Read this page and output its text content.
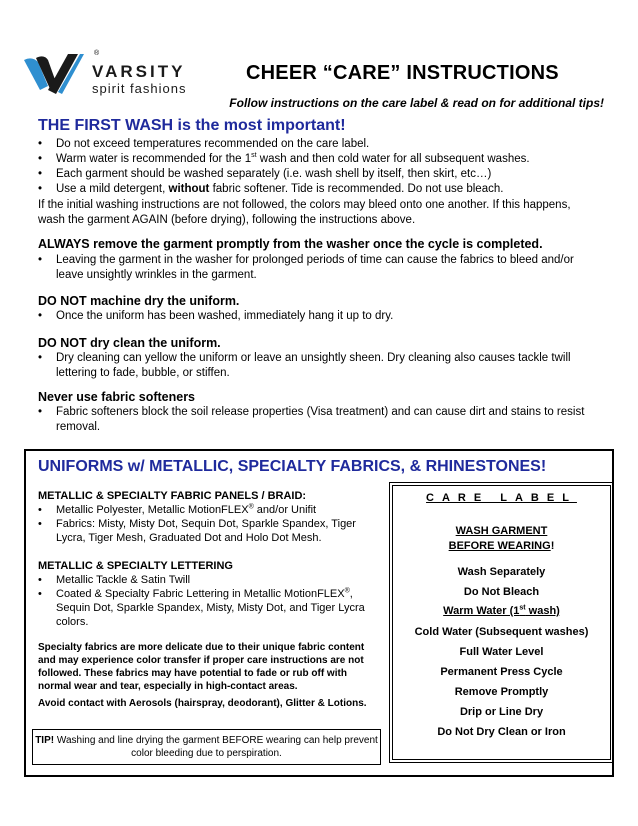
®
VARSITY
spirit fashions
CHEER “CARE” INSTRUCTIONS
Follow instructions on the care label & read on for additional tips!
THE FIRST WASH is the most important!
• Do not exceed temperatures recommended on the care label.
• Warm water is recommended for the 1st wash and then cold water for all subsequent washes.
• Each garment should be washed separately (i.e. wash shell by itself, then skirt, etc…)
• Use a mild detergent, without fabric softener. Tide is recommended. Do not use bleach.
If the initial washing instructions are not followed, the colors may bleed onto one another. If this happens, wash the garment AGAIN (before drying), following the instructions above.
ALWAYS remove the garment promptly from the washer once the cycle is completed.
• Leaving the garment in the washer for prolonged periods of time can cause the fabrics to bleed and/or leave unsightly wrinkles in the garment.
DO NOT machine dry the uniform.
• Once the uniform has been washed, immediately hang it up to dry.
DO NOT dry clean the uniform.
• Dry cleaning can yellow the uniform or leave an unsightly sheen. Dry cleaning also causes tackle twill lettering to fade, bubble, or stiffen.
Never use fabric softeners
• Fabric softeners block the soil release properties (Visa treatment) and can cause dirt and stains to resist removal.
UNIFORMS w/ METALLIC, SPECIALTY FABRICS, & RHINESTONES!
METALLIC & SPECIALTY FABRIC PANELS / BRAID:
• Metallic Polyester, Metallic MotionFLEX® and/or Unifit
• Fabrics: Misty, Misty Dot, Sequin Dot, Sparkle Spandex, Tiger Lycra, Tiger Mesh, Graduated Dot and Holo Dot Mesh.
METALLIC & SPECIALTY LETTERING
• Metallic Tackle & Satin Twill
• Coated & Specialty Fabric Lettering in Metallic MotionFLEX®, Sequin Dot, Sparkle Spandex, Misty, Misty Dot, and Tiger Lycra colors.
Specialty fabrics are more delicate due to their unique fabric content and may experience color transfer if proper care instructions are not followed. These fabrics may have potential to fade or rub off with normal wear and tear, especially in high-contact areas.
Avoid contact with Aerosols (hairspray, deodorant), Glitter & Lotions.
TIP! Washing and line drying the garment BEFORE wearing can help prevent color bleeding due to perspiration.
CARE LABEL
WASH GARMENT
BEFORE WEARING!
Wash Separately
Do Not Bleach
Warm Water (1st wash)
Cold Water (Subsequent washes)
Full Water Level
Permanent Press Cycle
Remove Promptly
Drip or Line Dry
Do Not Dry Clean or Iron
